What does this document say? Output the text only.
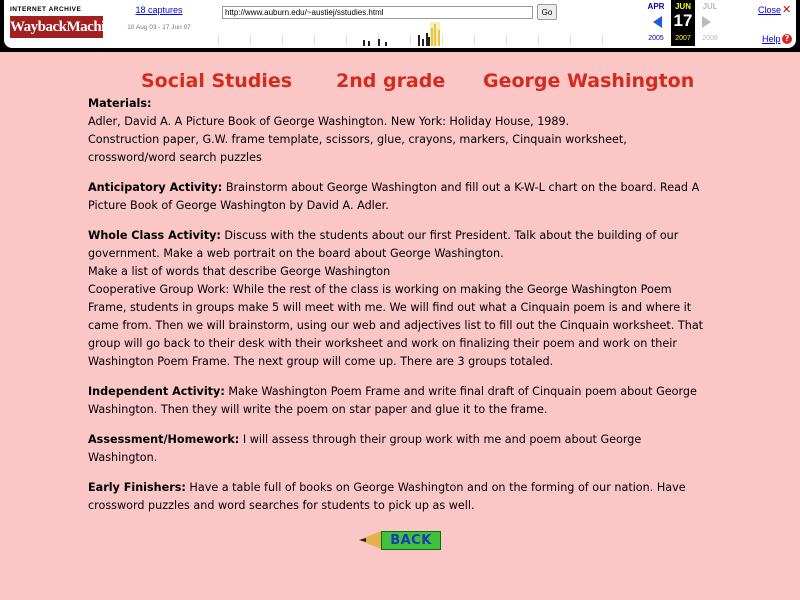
INTERNET ARCHIVE
WaybackMachine
18 captures
10 Aug 03 - 17 Jun 07
http://www.auburn.edu/~austiej/sstudies.html
Go
APR
2005
JUN
17
2007
JUL
2008
Close ✕
Help ?
Social Studies 2nd grade George Washington

Materials:
Adler, David A. A Picture Book of George Washington. New York: Holiday House, 1989.
Construction paper, G.W. frame template, scissors, glue, crayons, markers, Cinquain worksheet, crossword/word search puzzles

Anticipatory Activity: Brainstorm about George Washington and fill out a K-W-L chart on the board. Read A Picture Book of George Washington by David A. Adler.

Whole Class Activity: Discuss with the students about our first President. Talk about the building of our government. Make a web portrait on the board about George Washington.
Make a list of words that describe George Washington
Cooperative Group Work: While the rest of the class is working on making the George Washington Poem Frame, students in groups make 5 will meet with me. We will find out what a Cinquain poem is and where it came from. Then we will brainstorm, using our web and adjectives list to fill out the Cinquain worksheet. That group will go back to their desk with their worksheet and work on finalizing their poem and work on their Washington Poem Frame. The next group will come up. There are 3 groups totaled.

Independent Activity: Make Washington Poem Frame and write final draft of Cinquain poem about George Washington. Then they will write the poem on star paper and glue it to the frame.

Assessment/Homework: I will assess through their group work with me and poem about George Washington.

Early Finishers: Have a table full of books on George Washington and on the forming of our nation. Have crossword puzzles and word searches for students to pick up as well.

BACK
